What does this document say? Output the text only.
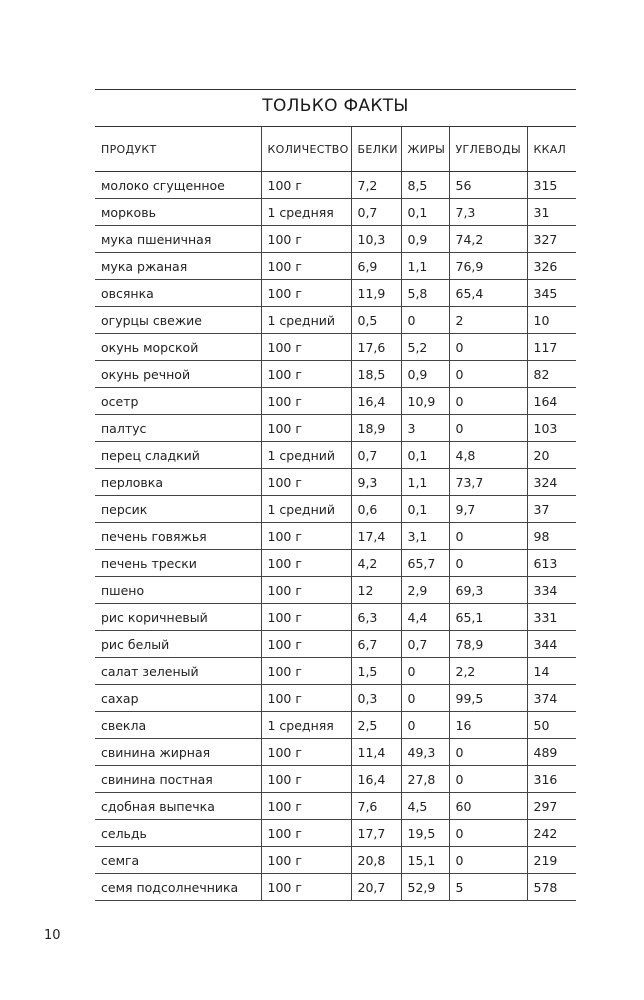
ТОЛЬКО ФАКТЫ
ПРОДУКТ	КОЛИЧЕСТВО	БЕЛКИ	ЖИРЫ	УГЛЕВОДЫ	ККАЛ
молоко сгущенное	100 г	7,2	8,5	56	315
морковь	1 средняя	0,7	0,1	7,3	31
мука пшеничная	100 г	10,3	0,9	74,2	327
мука ржаная	100 г	6,9	1,1	76,9	326
овсянка	100 г	11,9	5,8	65,4	345
огурцы свежие	1 средний	0,5	0	2	10
окунь морской	100 г	17,6	5,2	0	117
окунь речной	100 г	18,5	0,9	0	82
осетр	100 г	16,4	10,9	0	164
палтус	100 г	18,9	3	0	103
перец сладкий	1 средний	0,7	0,1	4,8	20
перловка	100 г	9,3	1,1	73,7	324
персик	1 средний	0,6	0,1	9,7	37
печень говяжья	100 г	17,4	3,1	0	98
печень трески	100 г	4,2	65,7	0	613
пшено	100 г	12	2,9	69,3	334
рис коричневый	100 г	6,3	4,4	65,1	331
рис белый	100 г	6,7	0,7	78,9	344
салат зеленый	100 г	1,5	0	2,2	14
сахар	100 г	0,3	0	99,5	374
свекла	1 средняя	2,5	0	16	50
свинина жирная	100 г	11,4	49,3	0	489
свинина постная	100 г	16,4	27,8	0	316
сдобная выпечка	100 г	7,6	4,5	60	297
сельдь	100 г	17,7	19,5	0	242
семга	100 г	20,8	15,1	0	219
семя подсолнечника	100 г	20,7	52,9	5	578
10
